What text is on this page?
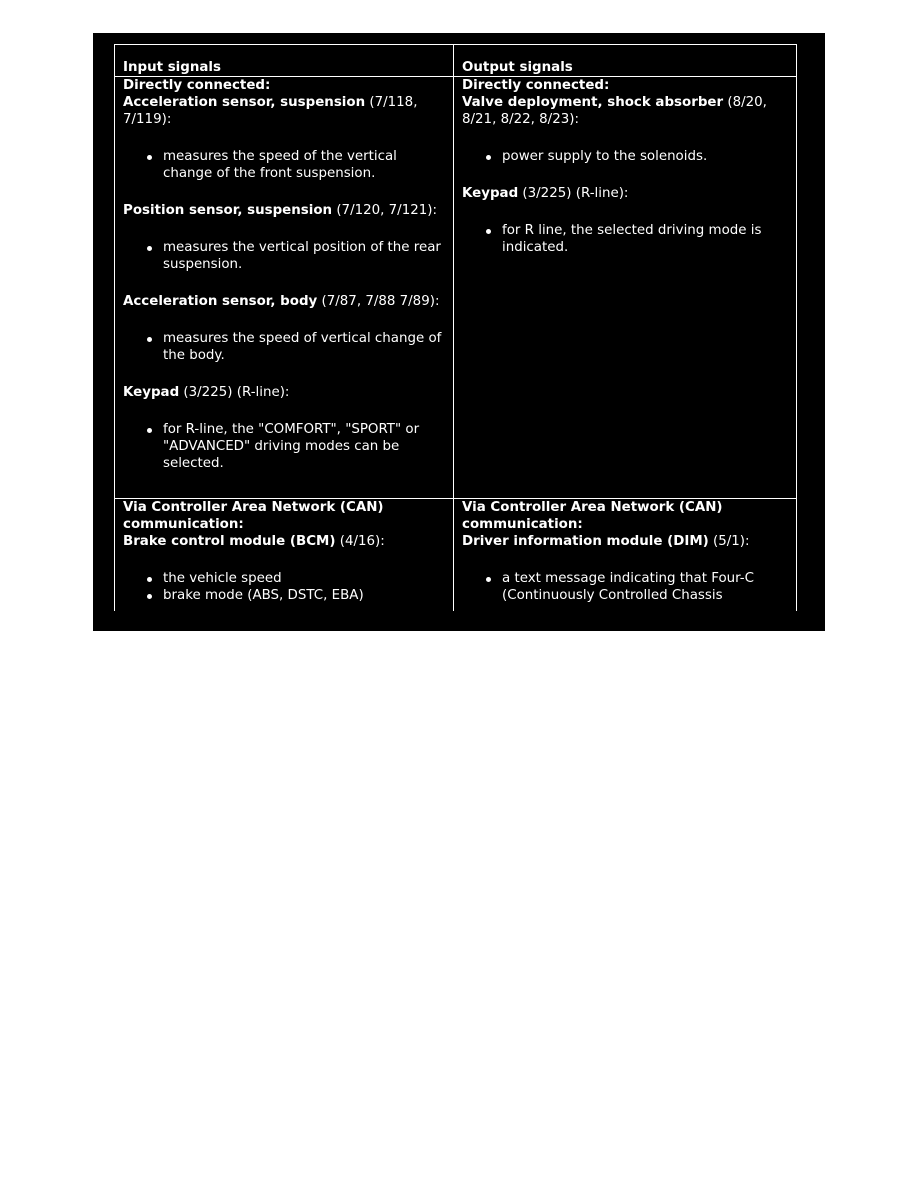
Input signals	Output signals

Directly connected:

Acceleration sensor, suspension (7/118, 7/119):

measures the speed of the vertical change of the front suspension.

Position sensor, suspension (7/120, 7/121):

measures the vertical position of the rear suspension.

Acceleration sensor, body (7/87, 7/88 7/89):

measures the speed of vertical change of the body.

Keypad (3/225) (R-line):

for R-line, the "COMFORT", "SPORT" or "ADVANCED" driving modes can be selected.

Directly connected:

Valve deployment, shock absorber (8/20, 8/21, 8/22, 8/23):

power supply to the solenoids.

Keypad (3/225) (R-line):

for R line, the selected driving mode is indicated.

Via Controller Area Network (CAN) communication:

Brake control module (BCM) (4/16):

the vehicle speed
brake mode (ABS, DSTC, EBA)

Via Controller Area Network (CAN) communication:

Driver information module (DIM) (5/1):

a text message indicating that Four-C (Continuously Controlled Chassis
